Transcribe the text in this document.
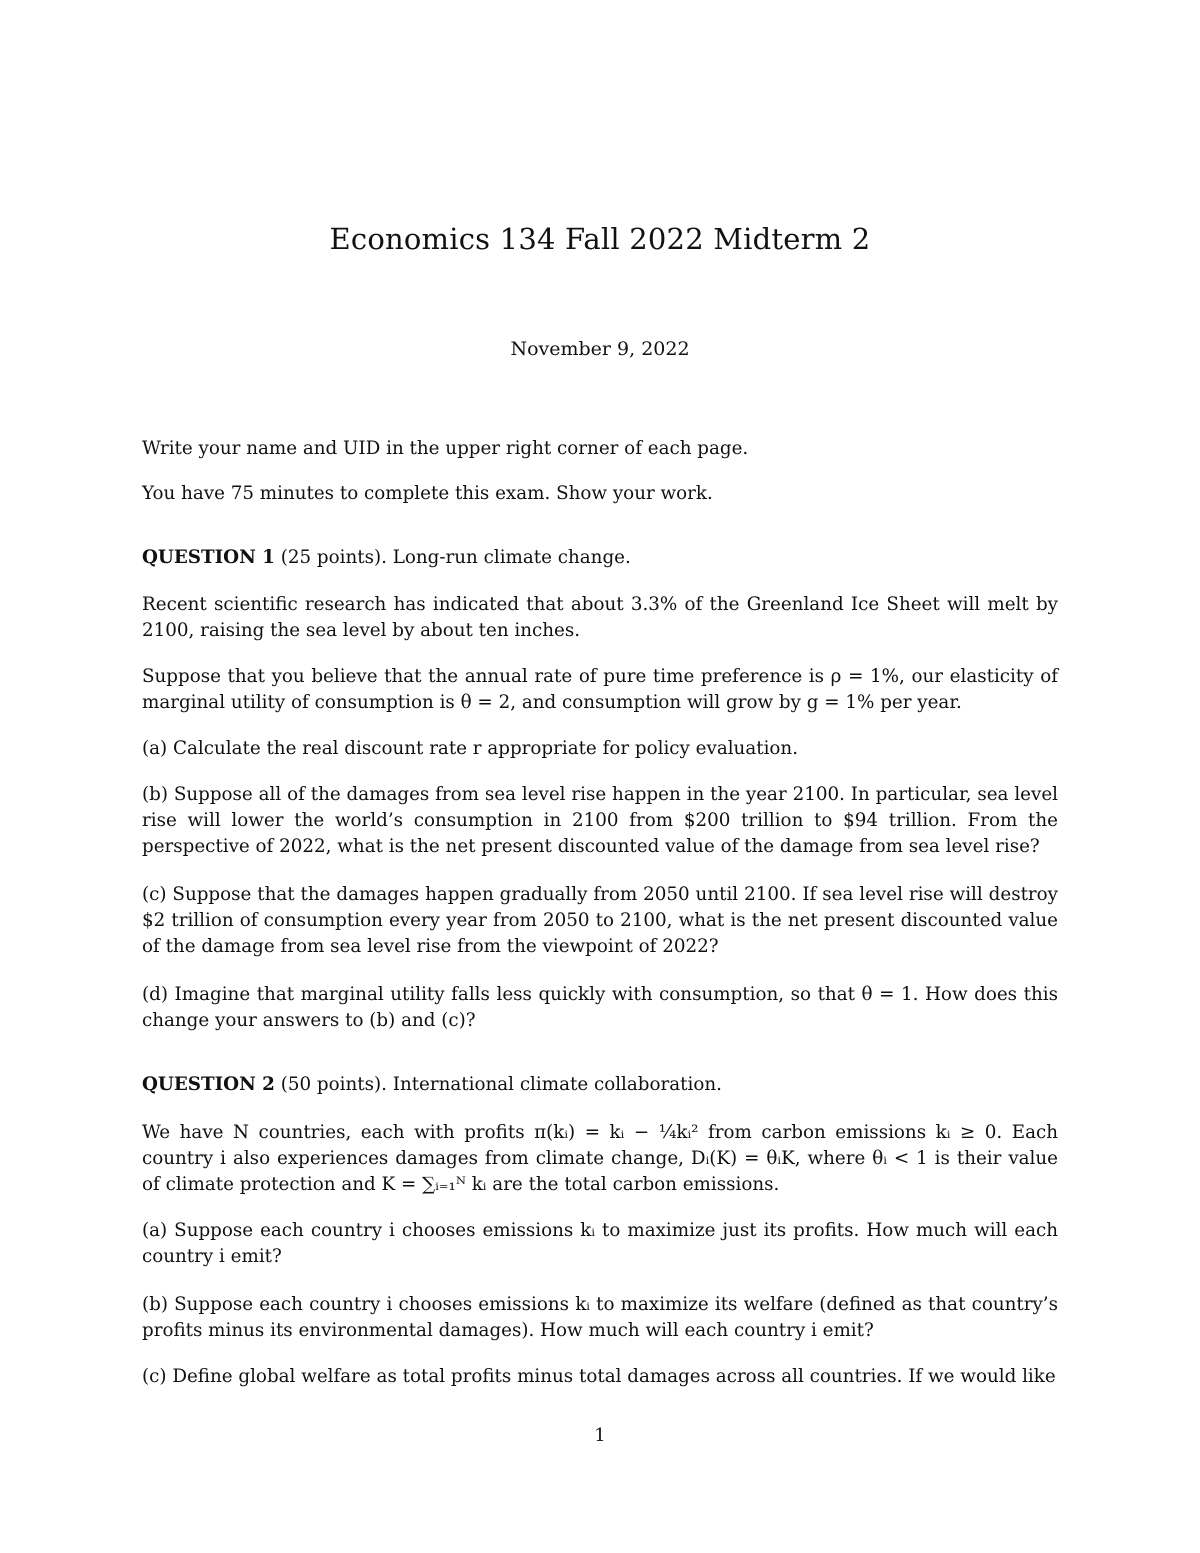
Economics 134 Fall 2022 Midterm 2
November 9, 2022
Write your name and UID in the upper right corner of each page.
You have 75 minutes to complete this exam. Show your work.
QUESTION 1 (25 points). Long-run climate change.
Recent scientific research has indicated that about 3.3% of the Greenland Ice Sheet will melt by 2100, raising the sea level by about ten inches.
Suppose that you believe that the annual rate of pure time preference is ρ = 1%, our elasticity of marginal utility of consumption is θ = 2, and consumption will grow by g = 1% per year.
(a) Calculate the real discount rate r appropriate for policy evaluation.
(b) Suppose all of the damages from sea level rise happen in the year 2100. In particular, sea level rise will lower the world’s consumption in 2100 from $200 trillion to $94 trillion. From the perspective of 2022, what is the net present discounted value of the damage from sea level rise?
(c) Suppose that the damages happen gradually from 2050 until 2100. If sea level rise will destroy $2 trillion of consumption every year from 2050 to 2100, what is the net present discounted value of the damage from sea level rise from the viewpoint of 2022?
(d) Imagine that marginal utility falls less quickly with consumption, so that θ = 1. How does this change your answers to (b) and (c)?
QUESTION 2 (50 points). International climate collaboration.
We have N countries, each with profits π(kᵢ) = kᵢ − ¼kᵢ² from carbon emissions kᵢ ≥ 0. Each country i also experiences damages from climate change, Dᵢ(K) = θᵢK, where θᵢ < 1 is their value of climate protection and K = ∑ᵢ₌₁ᴺ kᵢ are the total carbon emissions.
(a) Suppose each country i chooses emissions kᵢ to maximize just its profits. How much will each country i emit?
(b) Suppose each country i chooses emissions kᵢ to maximize its welfare (defined as that country’s profits minus its environmental damages). How much will each country i emit?
(c) Define global welfare as total profits minus total damages across all countries. If we would like
1
